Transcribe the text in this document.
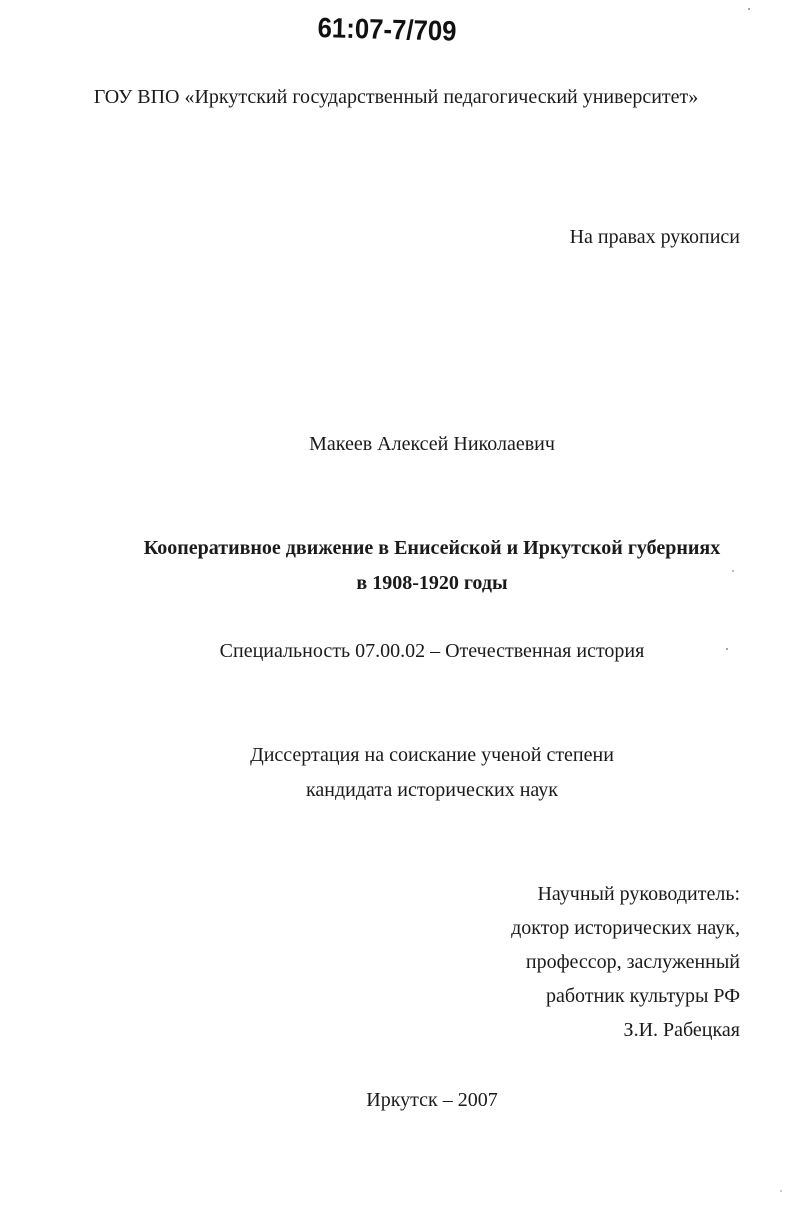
61:07-7/709
ГОУ ВПО «Иркутский государственный педагогический университет»
На правах рукописи
Макеев Алексей Николаевич
Кооперативное движение в Енисейской и Иркутской губерниях
в 1908-1920 годы
Специальность 07.00.02 – Отечественная история
Диссертация на соискание ученой степени
кандидата исторических наук
Научный руководитель:
доктор исторических наук,
профессор, заслуженный
работник культуры РФ
З.И. Рабецкая
Иркутск – 2007
